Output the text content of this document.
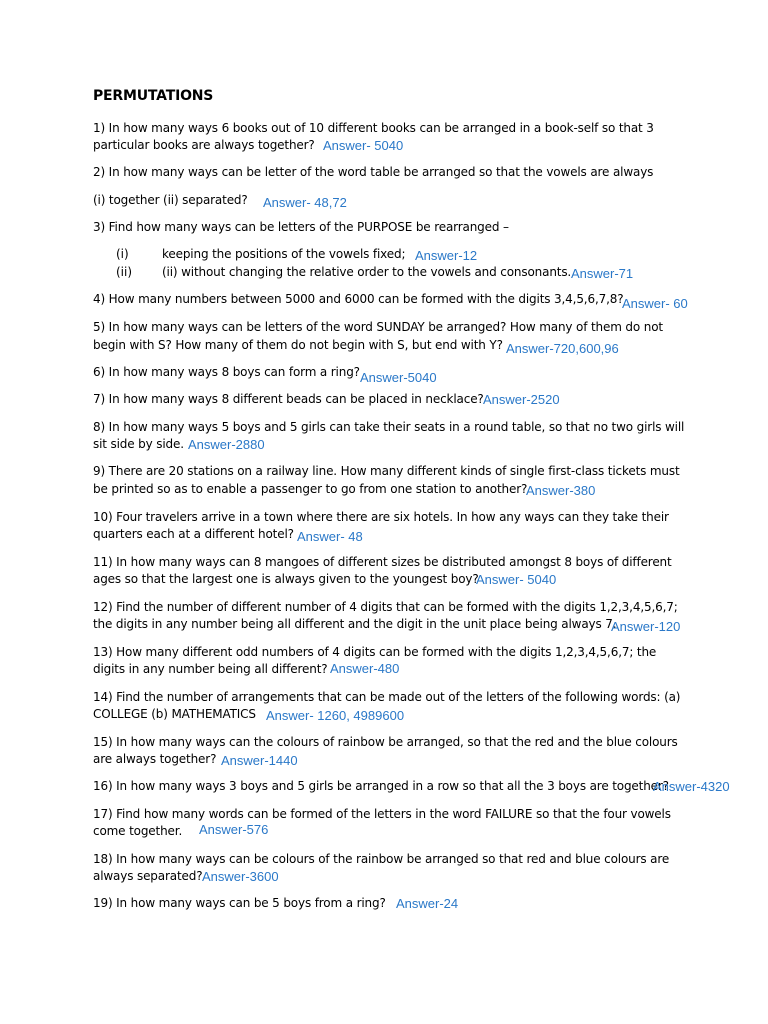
PERMUTATIONS
1) In how many ways 6 books out of 10 different books can be arranged in a book-self so that 3
particular books are always together? Answer- 5040
2) In how many ways can be letter of the word table be arranged so that the vowels are always
(i) together (ii) separated? Answer- 48,72
3) Find how many ways can be letters of the PURPOSE be rearranged –
(i)	keeping the positions of the vowels fixed; Answer-12
(ii) (ii) without changing the relative order to the vowels and consonants. Answer-71
4) How many numbers between 5000 and 6000 can be formed with the digits 3,4,5,6,7,8?
Answer- 60
5) In how many ways can be letters of the word SUNDAY be arranged? How many of them do not
begin with S? How many of them do not begin with S, but end with Y? Answer-720,600,96
6) In how many ways 8 boys can form a ring? Answer-5040
7) In how many ways 8 different beads can be placed in necklace? Answer-2520
8) In how many ways 5 boys and 5 girls can take their seats in a round table, so that no two girls will
sit side by side. Answer-2880
9) There are 20 stations on a railway line. How many different kinds of single first-class tickets must
be printed so as to enable a passenger to go from one station to another?
Answer-380
10) Four travelers arrive in a town where there are six hotels. In how any ways can they take their
quarters each at a different hotel? Answer- 48
11) In how many ways can 8 mangoes of different sizes be distributed amongst 8 boys of different
ages so that the largest one is always given to the youngest boy?
Answer- 5040
12) Find the number of different number of 4 digits that can be formed with the digits 1,2,3,4,5,6,7;
the digits in any number being all different and the digit in the unit place being always 7.
Answer-120
13) How many different odd numbers of 4 digits can be formed with the digits 1,2,3,4,5,6,7; the
digits in any number being all different? Answer-480
14) Find the number of arrangements that can be made out of the letters of the following words: (a)
COLLEGE (b) MATHEMATICS Answer- 1260, 4989600
15) In how many ways can the colours of rainbow be arranged, so that the red and the blue colours
are always together? Answer-1440
16) In how many ways 3 boys and 5 girls be arranged in a row so that all the 3 boys are together?
Answer-4320
17) Find how many words can be formed of the letters in the word FAILURE so that the four vowels
come together. Answer-576
18) In how many ways can be colours of the rainbow be arranged so that red and blue colours are
always separated? Answer-3600
19) In how many ways can be 5 boys from a ring? Answer-24
